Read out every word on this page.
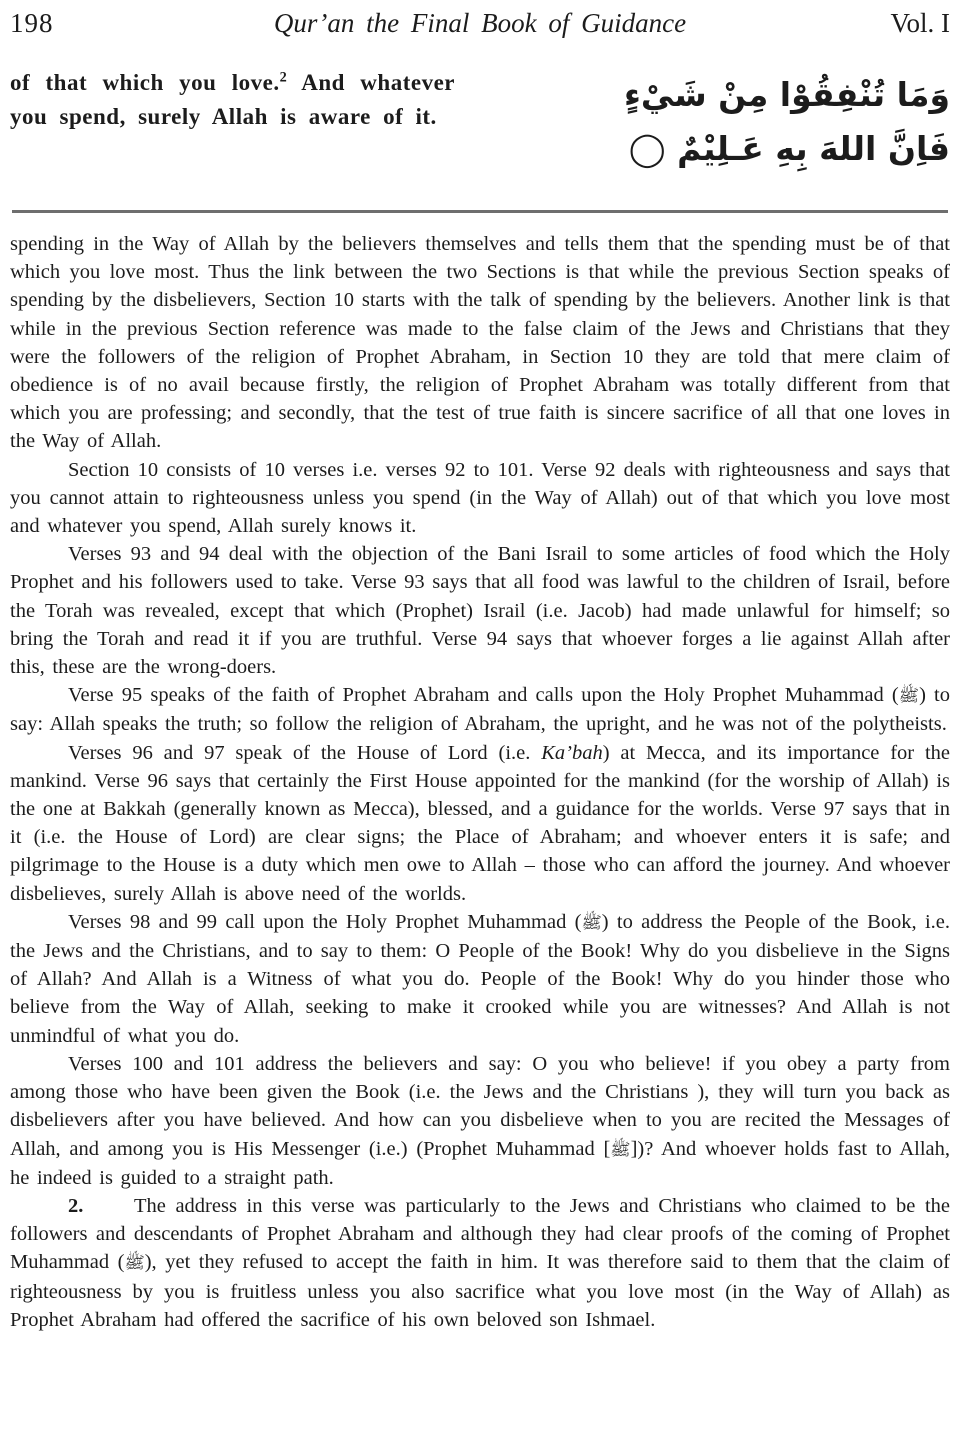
198	Qur’an the Final Book of Guidance	Vol. I
of that which you love.$^2$ And whatever you spend, surely Allah is aware of it.
وَمَا تُنْفِقُوْا مِنْ شَيْءٍ
فَاِنَّ اللهَ بِهِ عَـلِيْمٌ ◯

spending in the Way of Allah by the believers themselves and tells them that the spending must be of that which you love most. Thus the link between the two Sections is that while the previous Section speaks of spending by the disbelievers, Section 10 starts with the talk of spending by the believers. Another link is that while in the previous Section reference was made to the false claim of the Jews and Christians that they were the followers of the religion of Prophet Abraham, in Section 10 they are told that mere claim of obedience is of no avail because firstly, the religion of Prophet Abraham was totally different from that which you are professing; and secondly, that the test of true faith is sincere sacrifice of all that one loves in the Way of Allah.

Section 10 consists of 10 verses i.e. verses 92 to 101. Verse 92 deals with righteousness and says that you cannot attain to righteousness unless you spend (in the Way of Allah) out of that which you love most and whatever you spend, Allah surely knows it.

Verses 93 and 94 deal with the objection of the Bani Israil to some articles of food which the Holy Prophet and his followers used to take. Verse 93 says that all food was lawful to the children of Israil, before the Torah was revealed, except that which (Prophet) Israil (i.e. Jacob) had made unlawful for himself; so bring the Torah and read it if you are truthful. Verse 94 says that whoever forges a lie against Allah after this, these are the wrong-doers.

Verse 95 speaks of the faith of Prophet Abraham and calls upon the Holy Prophet Muhammad (ﷺ) to say: Allah speaks the truth; so follow the religion of Abraham, the upright, and he was not of the polytheists.

Verses 96 and 97 speak of the House of Lord (i.e. Ka’bah) at Mecca, and its importance for the mankind. Verse 96 says that certainly the First House appointed for the mankind (for the worship of Allah) is the one at Bakkah (generally known as Mecca), blessed, and a guidance for the worlds. Verse 97 says that in it (i.e. the House of Lord) are clear signs; the Place of Abraham; and whoever enters it is safe; and pilgrimage to the House is a duty which men owe to Allah – those who can afford the journey. And whoever disbelieves, surely Allah is above need of the worlds.

Verses 98 and 99 call upon the Holy Prophet Muhammad (ﷺ) to address the People of the Book, i.e. the Jews and the Christians, and to say to them: O People of the Book! Why do you disbelieve in the Signs of Allah? And Allah is a Witness of what you do. People of the Book! Why do you hinder those who believe from the Way of Allah, seeking to make it crooked while you are witnesses? And Allah is not unmindful of what you do.

Verses 100 and 101 address the believers and say: O you who believe! if you obey a party from among those who have been given the Book (i.e. the Jews and the Christians ), they will turn you back as disbelievers after you have believed. And how can you disbelieve when to you are recited the Messages of Allah, and among you is His Messenger (i.e.) (Prophet Muhammad [ﷺ])? And whoever holds fast to Allah, he indeed is guided to a straight path.

2. The address in this verse was particularly to the Jews and Christians who claimed to be the followers and descendants of Prophet Abraham and although they had clear proofs of the coming of Prophet Muhammad (ﷺ), yet they refused to accept the faith in him. It was therefore said to them that the claim of righteousness by you is fruitless unless you also sacrifice what you love most (in the Way of Allah) as Prophet Abraham had offered the sacrifice of his own beloved son Ishmael.
